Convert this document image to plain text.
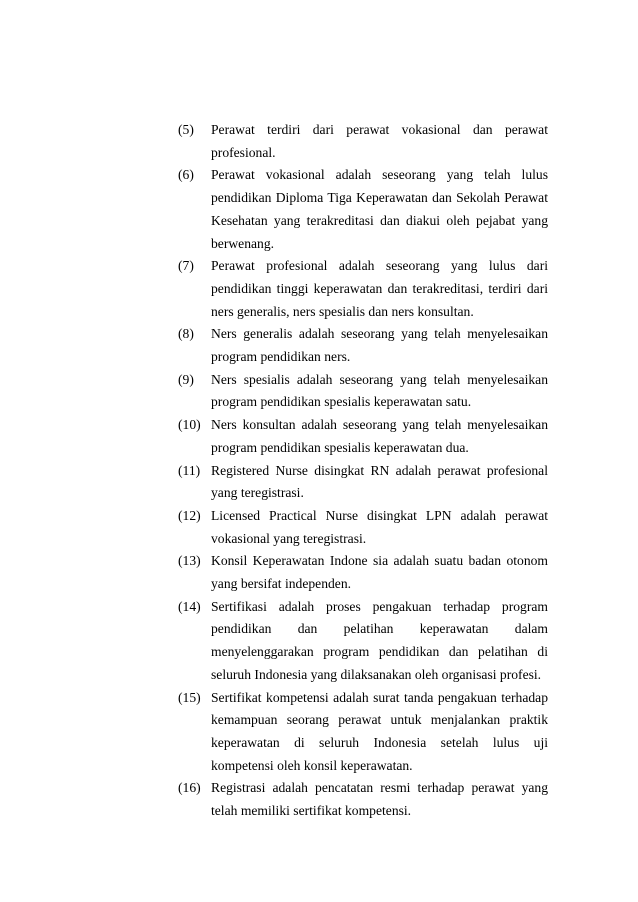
(5)	Perawat terdiri dari perawat vokasional dan perawat profesional.
(6)	Perawat vokasional adalah seseorang yang telah lulus pendidikan Diploma Tiga Keperawatan dan Sekolah Perawat Kesehatan yang terakreditasi dan diakui oleh pejabat yang berwenang.
(7)	Perawat profesional adalah seseorang yang lulus dari pendidikan tinggi keperawatan dan terakreditasi, terdiri dari ners generalis, ners spesialis dan ners konsultan.
(8)	Ners generalis adalah seseorang yang telah menyelesaikan program pendidikan ners.
(9)	Ners spesialis adalah seseorang yang telah menyelesaikan program pendidikan spesialis keperawatan satu.
(10) Ners konsultan adalah seseorang yang telah menyelesaikan program pendidikan spesialis keperawatan dua.
(11) Registered Nurse disingkat RN adalah perawat profesional yang teregistrasi.
(12) Licensed Practical Nurse disingkat LPN adalah perawat vokasional yang teregistrasi.
(13) Konsil Keperawatan Indone sia adalah suatu badan otonom yang bersifat independen.
(14) Sertifikasi adalah proses pengakuan terhadap program pendidikan dan pelatihan keperawatan dalam menyelenggarakan program pendidikan dan pelatihan di seluruh Indonesia yang dilaksanakan oleh organisasi profesi.
(15) Sertifikat kompetensi adalah surat tanda pengakuan terhadap kemampuan seorang perawat untuk menjalankan praktik keperawatan di seluruh Indonesia setelah lulus uji kompetensi oleh konsil keperawatan.
(16) Registrasi adalah pencatatan resmi terhadap perawat yang telah memiliki sertifikat kompetensi.
